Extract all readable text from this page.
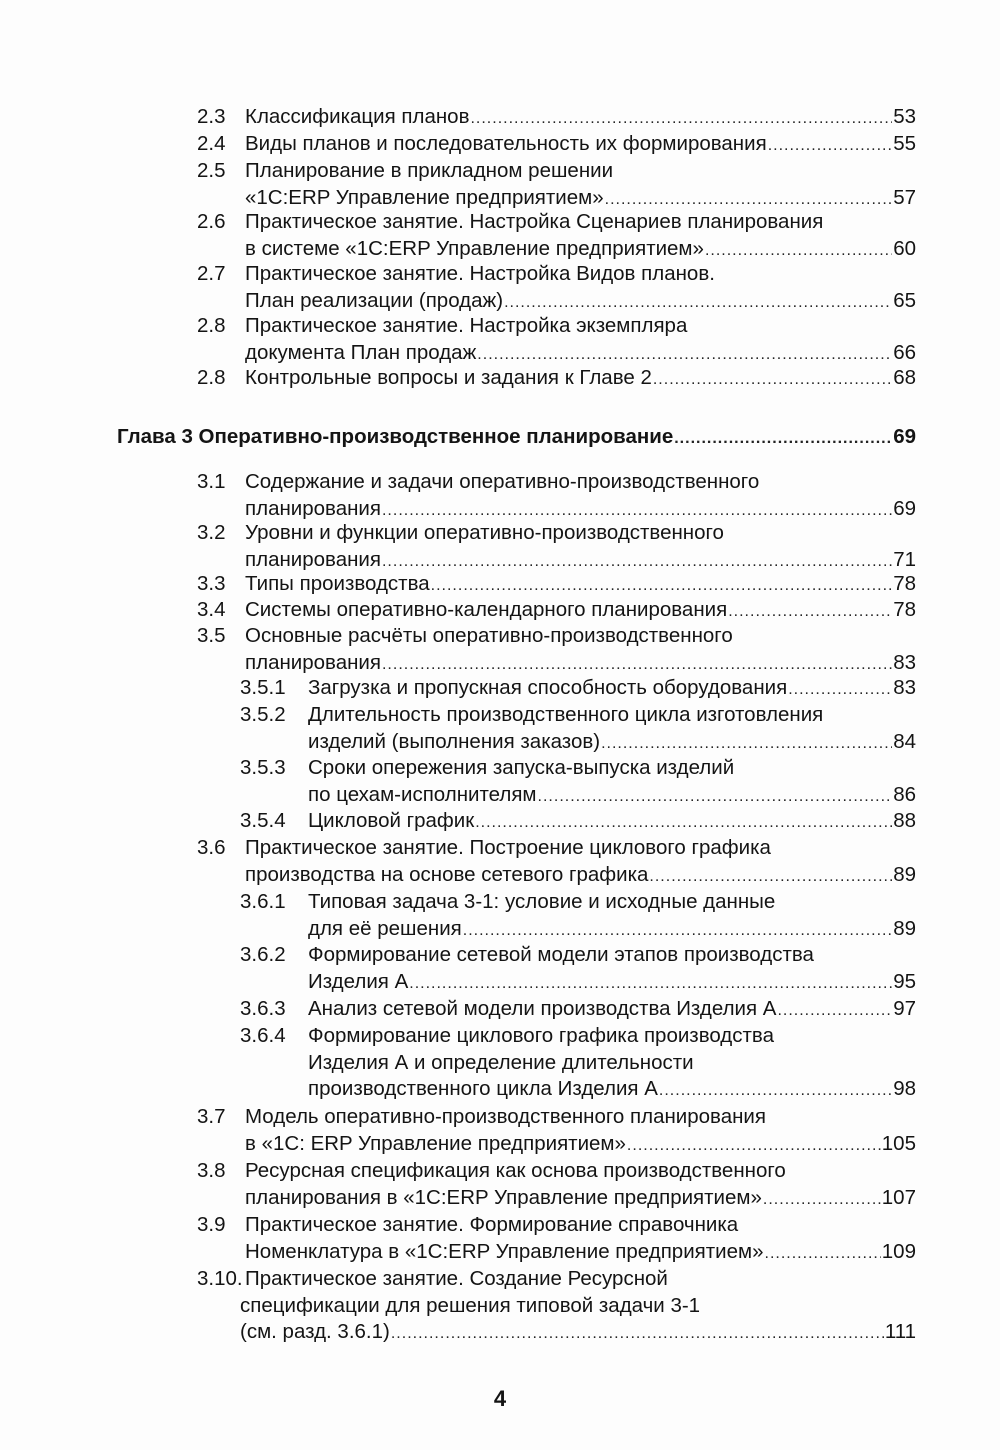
2.3 Классификация планов .....	53
2.4 Виды планов и последовательность их формирования .....	55
2.5 Планирование в прикладном решении
«1С:ERP Управление предприятием» .....	57
2.6 Практическое занятие. Настройка Сценариев планирования
в системе «1С:ERP Управление предприятием» .....	60
2.7 Практическое занятие. Настройка Видов планов.
План реализации (продаж) .....	65
2.8 Практическое занятие. Настройка экземпляра
документа План продаж .....	66
2.8 Контрольные вопросы и задания к Главе 2 .....	68
Глава 3 Оперативно-производственное планирование .....	69
3.1 Содержание и задачи оперативно-производственного
планирования .....	69
3.2 Уровни и функции оперативно-производственного
планирования .....	71
3.3 Типы производства .....	78
3.4 Системы оперативно-календарного планирования .....	78
3.5 Основные расчёты оперативно-производственного
планирования .....	83
3.5.1 Загрузка и пропускная способность оборудования .....	83
3.5.2 Длительность производственного цикла изготовления
изделий (выполнения заказов) .....	84
3.5.3 Сроки опережения запуска-выпуска изделий
по цехам-исполнителям .....	86
3.5.4 Цикловой график .....	88
3.6 Практическое занятие. Построение циклового графика
производства на основе сетевого графика .....	89
3.6.1 Типовая задача 3-1: условие и исходные данные
для её решения .....	89
3.6.2 Формирование сетевой модели этапов производства
Изделия А .....	95
3.6.3 Анализ сетевой модели производства Изделия А .....	97
3.6.4 Формирование циклового графика производства
Изделия А и определение длительности
производственного цикла Изделия А .....	98
3.7 Модель оперативно-производственного планирования
в «1С: ERP Управление предприятием» .....	105
3.8 Ресурсная спецификация как основа производственного
планирования в «1С:ERP Управление предприятием» .....	107
3.9 Практическое занятие. Формирование справочника
Номенклатура в «1С:ERP Управление предприятием» .....	109
3.10. Практическое занятие. Создание Ресурсной
спецификации для решения типовой задачи 3-1
(см. разд. 3.6.1) .....	111
4
